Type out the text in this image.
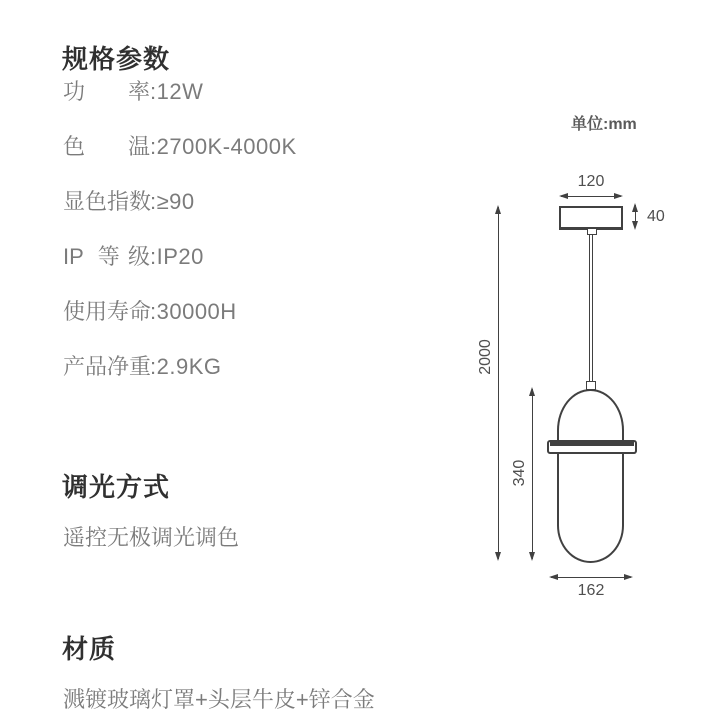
规格参数
功 率:12W
色 温:2700K-4000K
显色指数:≥90
IP 等级:IP20
使用寿命:30000H
产品净重:2.9KG
调光方式

遥控无极调光调色

材质

溅镀玻璃灯罩+头层牛皮+锌合金

单位:mm
120
40
2000
340
162
